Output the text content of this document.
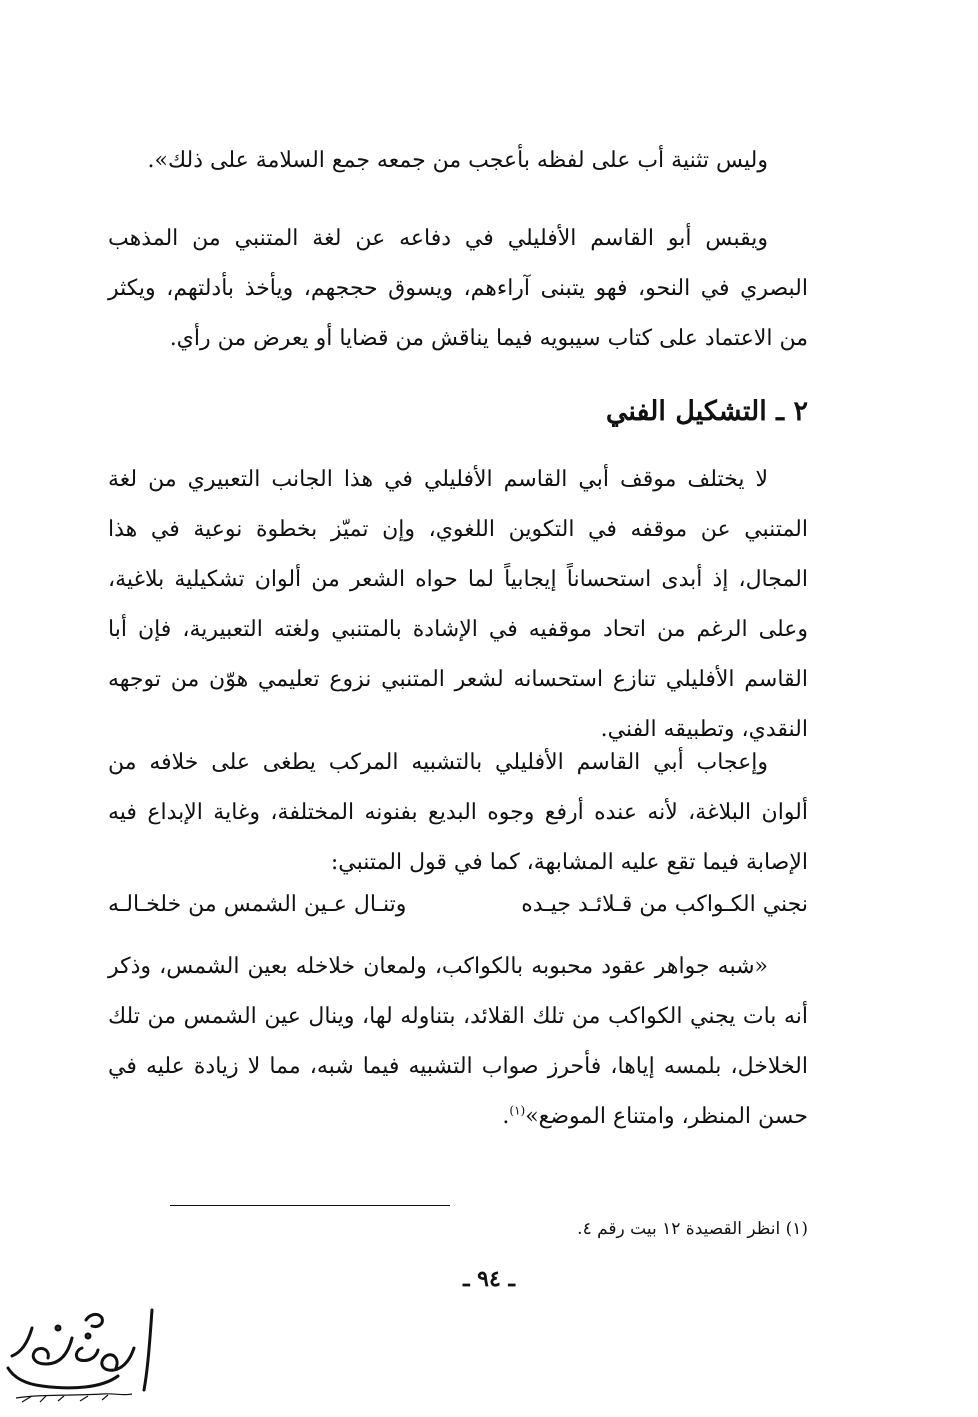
وليس تثنية أب على لفظه بأعجب من جمعه جمع السلامة على ذلك».

ويقبس أبو القاسم الأفليلي في دفاعه عن لغة المتنبي من المذهب البصري في النحو، فهو يتبنى آراءهم، ويسوق حججهم، ويأخذ بأدلتهم، ويكثر من الاعتماد على كتاب سيبويه فيما يناقش من قضايا أو يعرض من رأي.

٢ ـ التشكيل الفني

لا يختلف موقف أبي القاسم الأفليلي في هذا الجانب التعبيري من لغة المتنبي عن موقفه في التكوين اللغوي، وإن تميّز بخطوة نوعية في هذا المجال، إذ أبدى استحساناً إيجابياً لما حواه الشعر من ألوان تشكيلية بلاغية، وعلى الرغم من اتحاد موقفيه في الإشادة بالمتنبي ولغته التعبيرية، فإن أبا القاسم الأفليلي تنازع استحسانه لشعر المتنبي نزوع تعليمي هوّن من توجهه النقدي، وتطبيقه الفني.

وإعجاب أبي القاسم الأفليلي بالتشبيه المركب يطغى على خلافه من ألوان البلاغة، لأنه عنده أرفع وجوه البديع بفنونه المختلفة، وغاية الإبداع فيه الإصابة فيما تقع عليه المشابهة، كما في قول المتنبي:

نجني الكـواكب من قـلائـد جيـده
وتنـال عـين الشمس من خلخـالـه

«شبه جواهر عقود محبوبه بالكواكب، ولمعان خلاخله بعين الشمس، وذكر أنه بات يجني الكواكب من تلك القلائد، بتناوله لها، وينال عين الشمس من تلك الخلاخل، بلمسه إياها، فأحرز صواب التشبيه فيما شبه، مما لا زيادة عليه في حسن المنظر، وامتناع الموضع»$^{(١)}$.

(١) انظر القصيدة ١٢ بيت رقم ٤.

ـ ٩٤ ـ
